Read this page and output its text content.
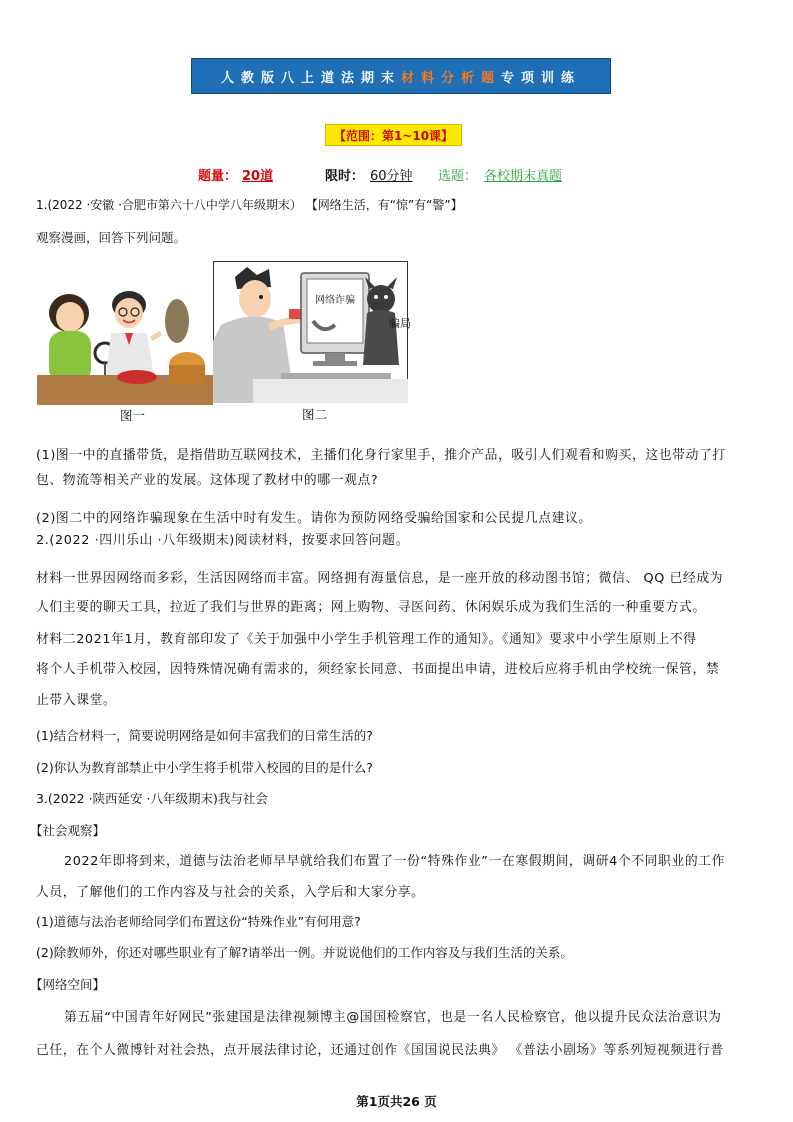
人教版八上道法期末 材料分析题 专项训练
【范围：第1~10课】
题量： 20道	限时： 60分钟 选题： 各校期末真题
1.(2022 ·安徽 ·合肥市第六十八中学八年级期末） 【网络生活，有“惊”有“警”】
观察漫画，回答下列问题。
网络诈骗
骗局
图一	图二
(1)图一中的直播带货，是指借助互联网技术，主播们化身行家里手，推介产品，吸引人们观看和购买，这也带动了打
包、物流等相关产业的发展。这体现了教材中的哪一观点?
(2)图二中的网络诈骗现象在生活中时有发生。请你为预防网络受骗给国家和公民提几点建议。
2.(2022 ·四川乐山 ·八年级期末)阅读材料，按要求回答问题。
材料一世界因网络而多彩，生活因网络而丰富。网络拥有海量信息，是一座开放的移动图书馆；微信、 QQ 已经成为
人们主要的聊天工具，拉近了我们与世界的距离；网上购物、寻医问药、休闲娱乐成为我们生活的一种重要方式。
材料二2021年1月，教育部印发了《关于加强中小学生手机管理工作的通知》。《通知》要求中小学生原则上不得
将个人手机带入校园，因特殊情况确有需求的，须经家长同意、书面提出申请，进校后应将手机由学校统一保管，禁
止带入课堂。
(1)结合材料一，简要说明网络是如何丰富我们的日常生活的?
(2)你认为教育部禁止中小学生将手机带入校园的目的是什么?
3.(2022 ·陕西延安 ·八年级期末)我与社会
【社会观察】
2022年即将到来，道德与法治老师早早就给我们布置了一份“特殊作业”一在寒假期间，调研4个不同职业的工作
人员，了解他们的工作内容及与社会的关系，入学后和大家分享。
(1)道德与法治老师给同学们布置这份“特殊作业”有何用意?
(2)除教师外，你还对哪些职业有了解?请举出一例。并说说他们的工作内容及与我们生活的关系。
【网络空间】
第五届“中国青年好网民”张建国是法律视频博主@国国检察官，也是一名人民检察官，他以提升民众法治意识为
己任，在个人微博针对社会热，点开展法律讨论，还通过创作《国国说民法典》 《普法小剧场》等系列短视频进行普
第1页共26 页
